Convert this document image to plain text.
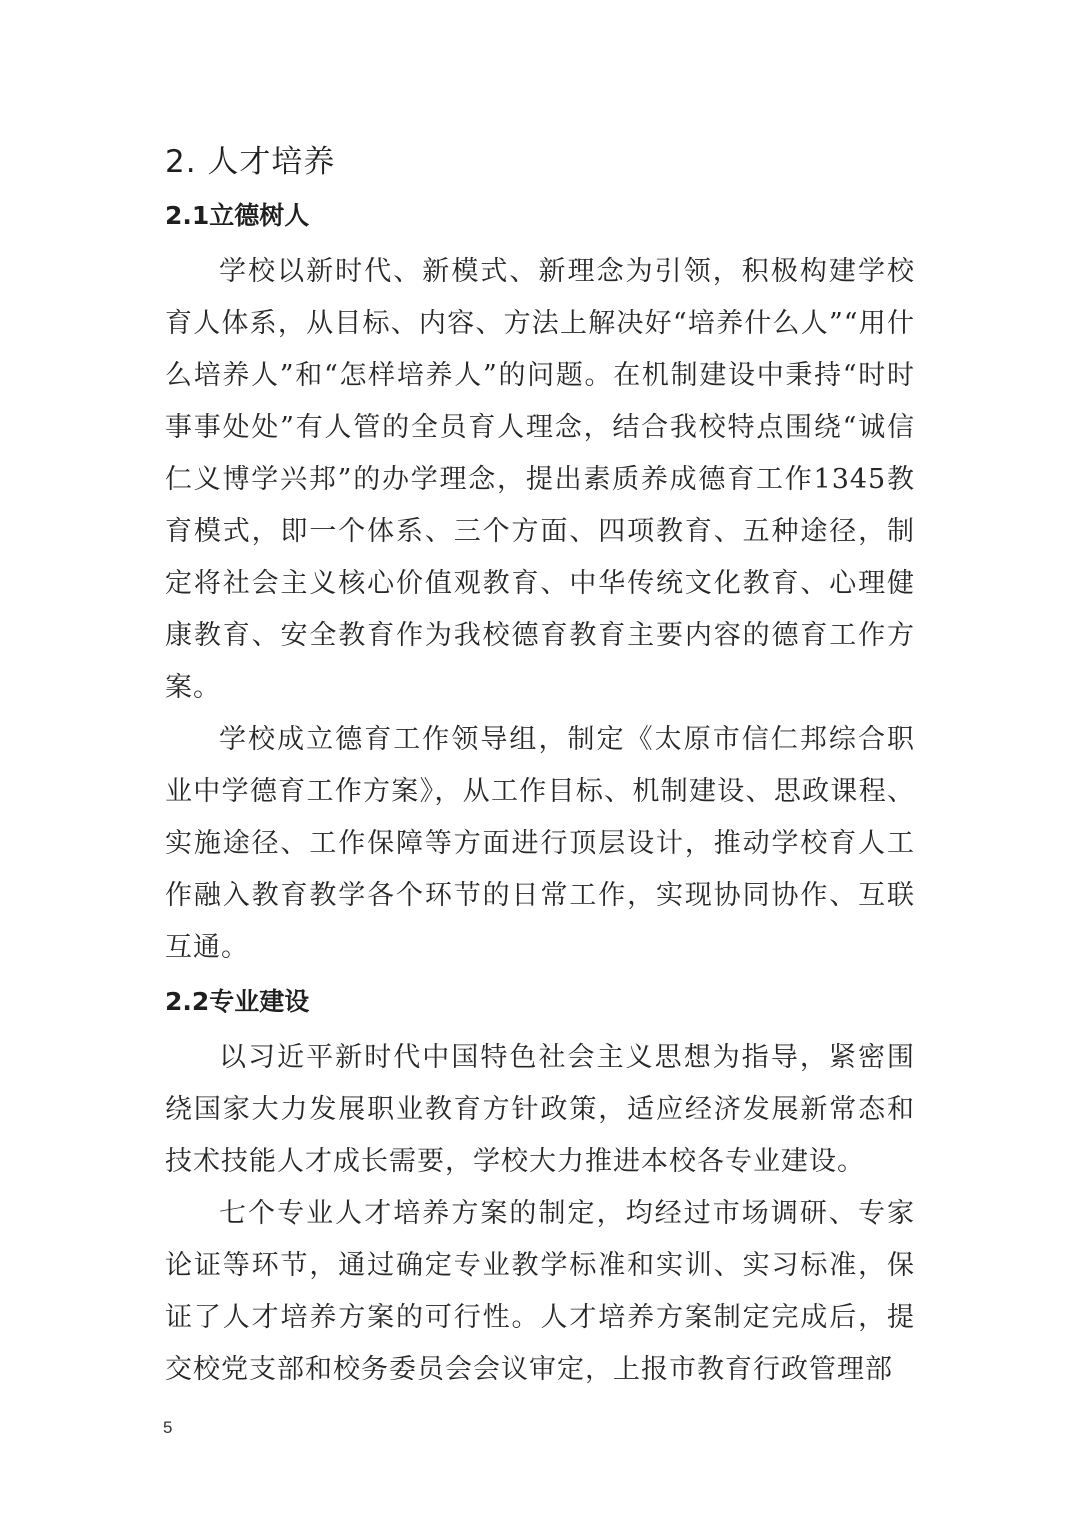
2. 人才培养
2.1立德树人

学校以新时代、新模式、新理念为引领，积极构建学校育人体系，从目标、内容、方法上解决好“培养什么人”“用什么培养人”和“怎样培养人”的问题。在机制建设中秉持“时时事事处处”有人管的全员育人理念，结合我校特点围绕“诚信仁义博学兴邦”的办学理念，提出素质养成德育工作1345教育模式，即一个体系、三个方面、四项教育、五种途径，制定将社会主义核心价值观教育、中华传统文化教育、心理健康教育、安全教育作为我校德育教育主要内容的德育工作方案。

学校成立德育工作领导组，制定《太原市信仁邦综合职业中学德育工作方案》，从工作目标、机制建设、思政课程、实施途径、工作保障等方面进行顶层设计，推动学校育人工作融入教育教学各个环节的日常工作，实现协同协作、互联互通。

2.2专业建设

以习近平新时代中国特色社会主义思想为指导，紧密围绕国家大力发展职业教育方针政策，适应经济发展新常态和技术技能人才成长需要，学校大力推进本校各专业建设。

七个专业人才培养方案的制定，均经过市场调研、专家论证等环节，通过确定专业教学标准和实训、实习标准，保证了人才培养方案的可行性。人才培养方案制定完成后，提交校党支部和校务委员会会议审定，上报市教育行政管理部

5
